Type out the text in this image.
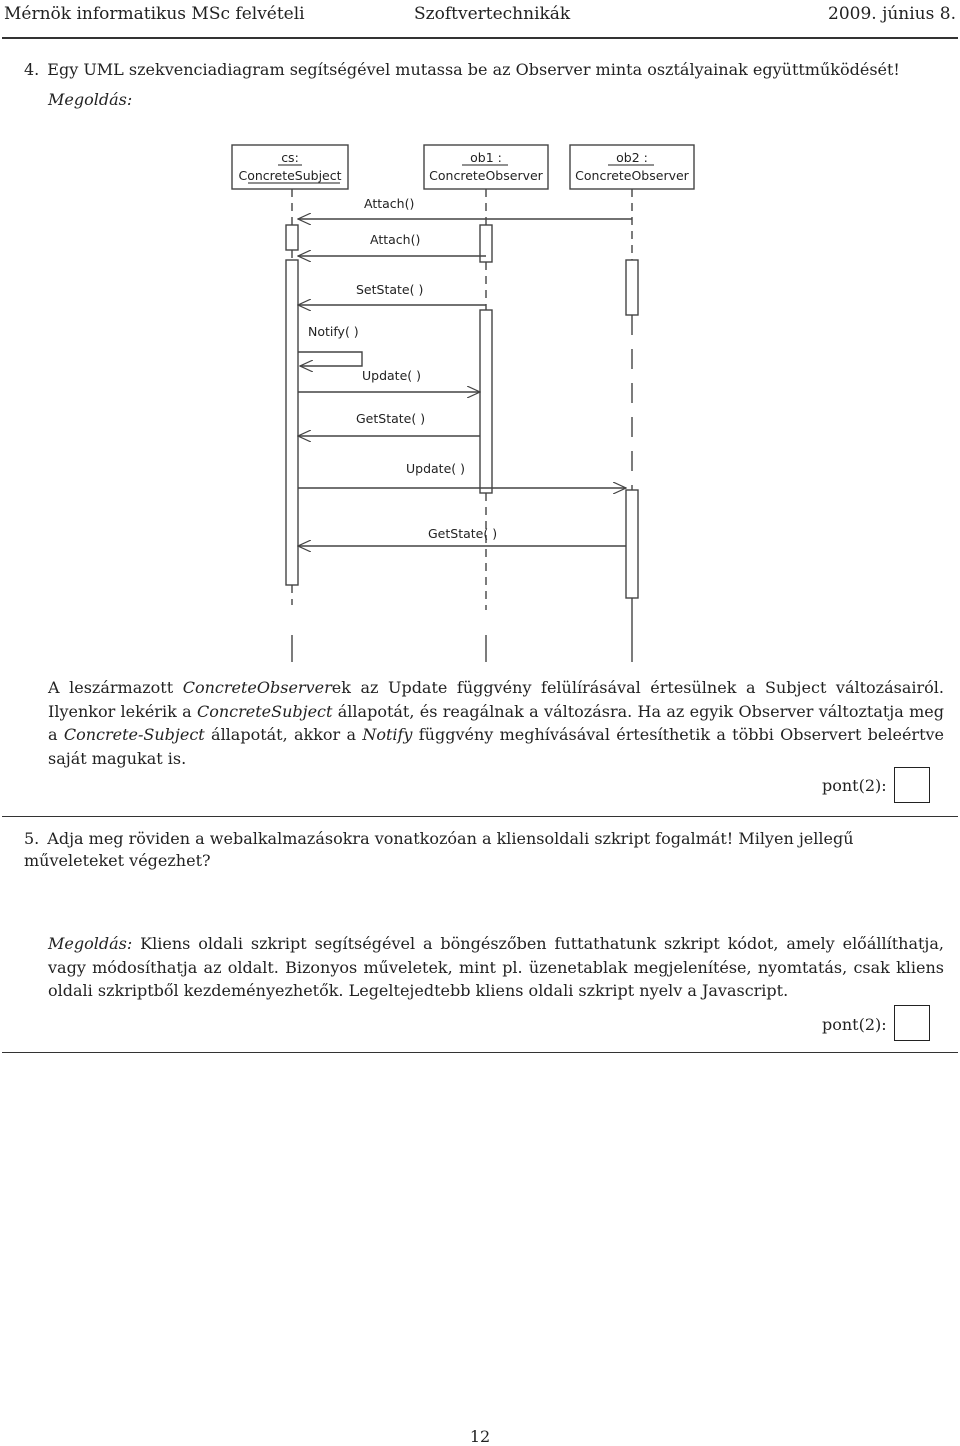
Mérnök informatikus MSc felvételi	Szoftvertechnikák	2009. június 8.
4. Egy UML szekvenciadiagram segítségével mutassa be az Observer minta osztályainak együttműködését!
Megoldás:
cs:
ConcreteSubject
ob1 :
ConcreteObserver
ob2 :
ConcreteObserver
Attach()
Attach()
SetState( )
Notify( )
Update( )
GetState( )
Update( )
GetState( )
A leszármazott ConcreteObserverek az Update függvény felülírásával értesülnek a Subject változásairól. Ilyenkor lekérik a ConcreteSubject állapotát, és reagálnak a változásra. Ha az egyik Observer változtatja meg a Concrete-Subject állapotát, akkor a Notify függvény meghívásával értesíthetik a többi Observert beleértve saját magukat is.
pont(2):
5. Adja meg röviden a webalkalmazásokra vonatkozóan a kliensoldali szkript fogalmát! Milyen jellegű műveleteket végezhet?
Megoldás: Kliens oldali szkript segítségével a böngészőben futtathatunk szkript kódot, amely előállíthatja, vagy módosíthatja az oldalt. Bizonyos műveletek, mint pl. üzenetablak megjelenítése, nyomtatás, csak kliens oldali szkriptből kezdeményezhetők. Legeltejedtebb kliens oldali szkript nyelv a Javascript.
pont(2):
12
